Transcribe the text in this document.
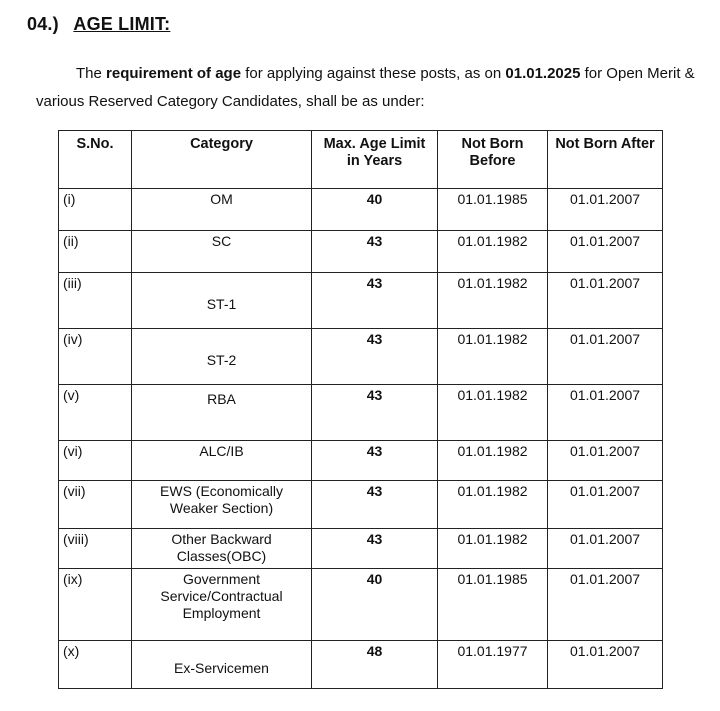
04.) AGE LIMIT:
The requirement of age for applying against these posts, as on 01.01.2025 for Open Merit & various Reserved Category Candidates, shall be as under:
S.No.	Category	Max. Age Limit in Years	Not Born Before	Not Born After
(i)	OM	40	01.01.1985	01.01.2007
(ii)	SC	43	01.01.1982	01.01.2007
(iii)	ST-1	43	01.01.1982	01.01.2007
(iv)	ST-2	43	01.01.1982	01.01.2007
(v)	RBA	43	01.01.1982	01.01.2007
(vi)	ALC/IB	43	01.01.1982	01.01.2007
(vii)	EWS (Economically Weaker Section)	43	01.01.1982	01.01.2007
(viii)	Other Backward Classes(OBC)	43	01.01.1982	01.01.2007
(ix)	Government Service/Contractual Employment	40	01.01.1985	01.01.2007
(x)	Ex-Servicemen	48	01.01.1977	01.01.2007
